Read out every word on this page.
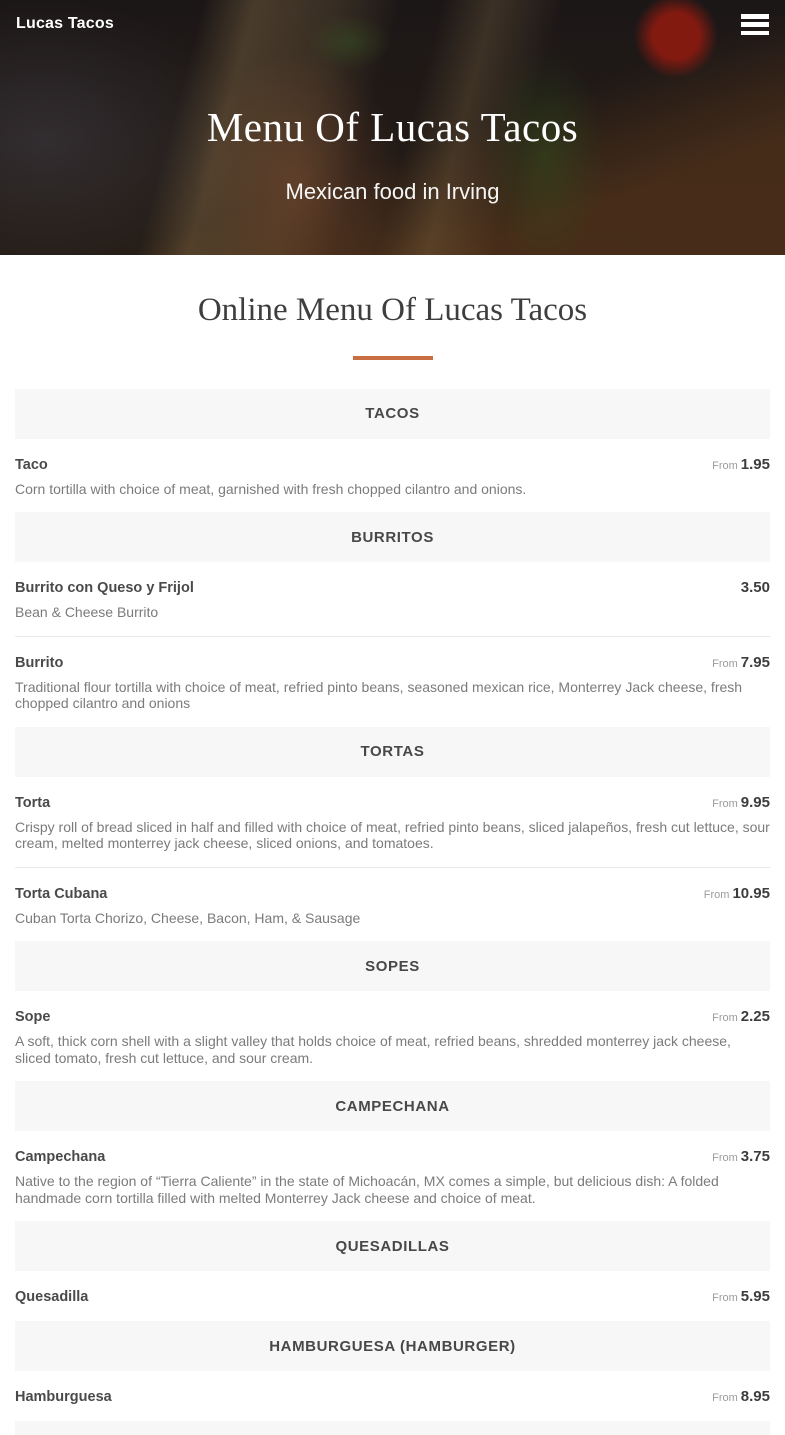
Lucas Tacos
Menu Of Lucas Tacos

Mexican food in Irving

Online Menu Of Lucas Tacos
TACOS
Taco	From 1.95

Corn tortilla with choice of meat, garnished with fresh chopped cilantro and onions.

BURRITOS
Burrito con Queso y Frijol	3.50

Bean & Cheese Burrito

Burrito	From 7.95

Traditional flour tortilla with choice of meat, refried pinto beans, seasoned mexican rice, Monterrey Jack cheese, fresh chopped cilantro and onions

TORTAS
Torta	From 9.95

Crispy roll of bread sliced in half and filled with choice of meat, refried pinto beans, sliced jalapeños, fresh cut lettuce, sour cream, melted monterrey jack cheese, sliced onions, and tomatoes.

Torta Cubana	From 10.95

Cuban Torta Chorizo, Cheese, Bacon, Ham, & Sausage

SOPES
Sope	From 2.25

A soft, thick corn shell with a slight valley that holds choice of meat, refried beans, shredded monterrey jack cheese, sliced tomato, fresh cut lettuce, and sour cream.

CAMPECHANA
Campechana	From 3.75

Native to the region of “Tierra Caliente” in the state of Michoacán, MX comes a simple, but delicious dish: A folded handmade corn tortilla filled with melted Monterrey Jack cheese and choice of meat.

QUESADILLAS
Quesadilla	From 5.95
HAMBURGUESA (HAMBURGER)
Hamburguesa	From 8.95
